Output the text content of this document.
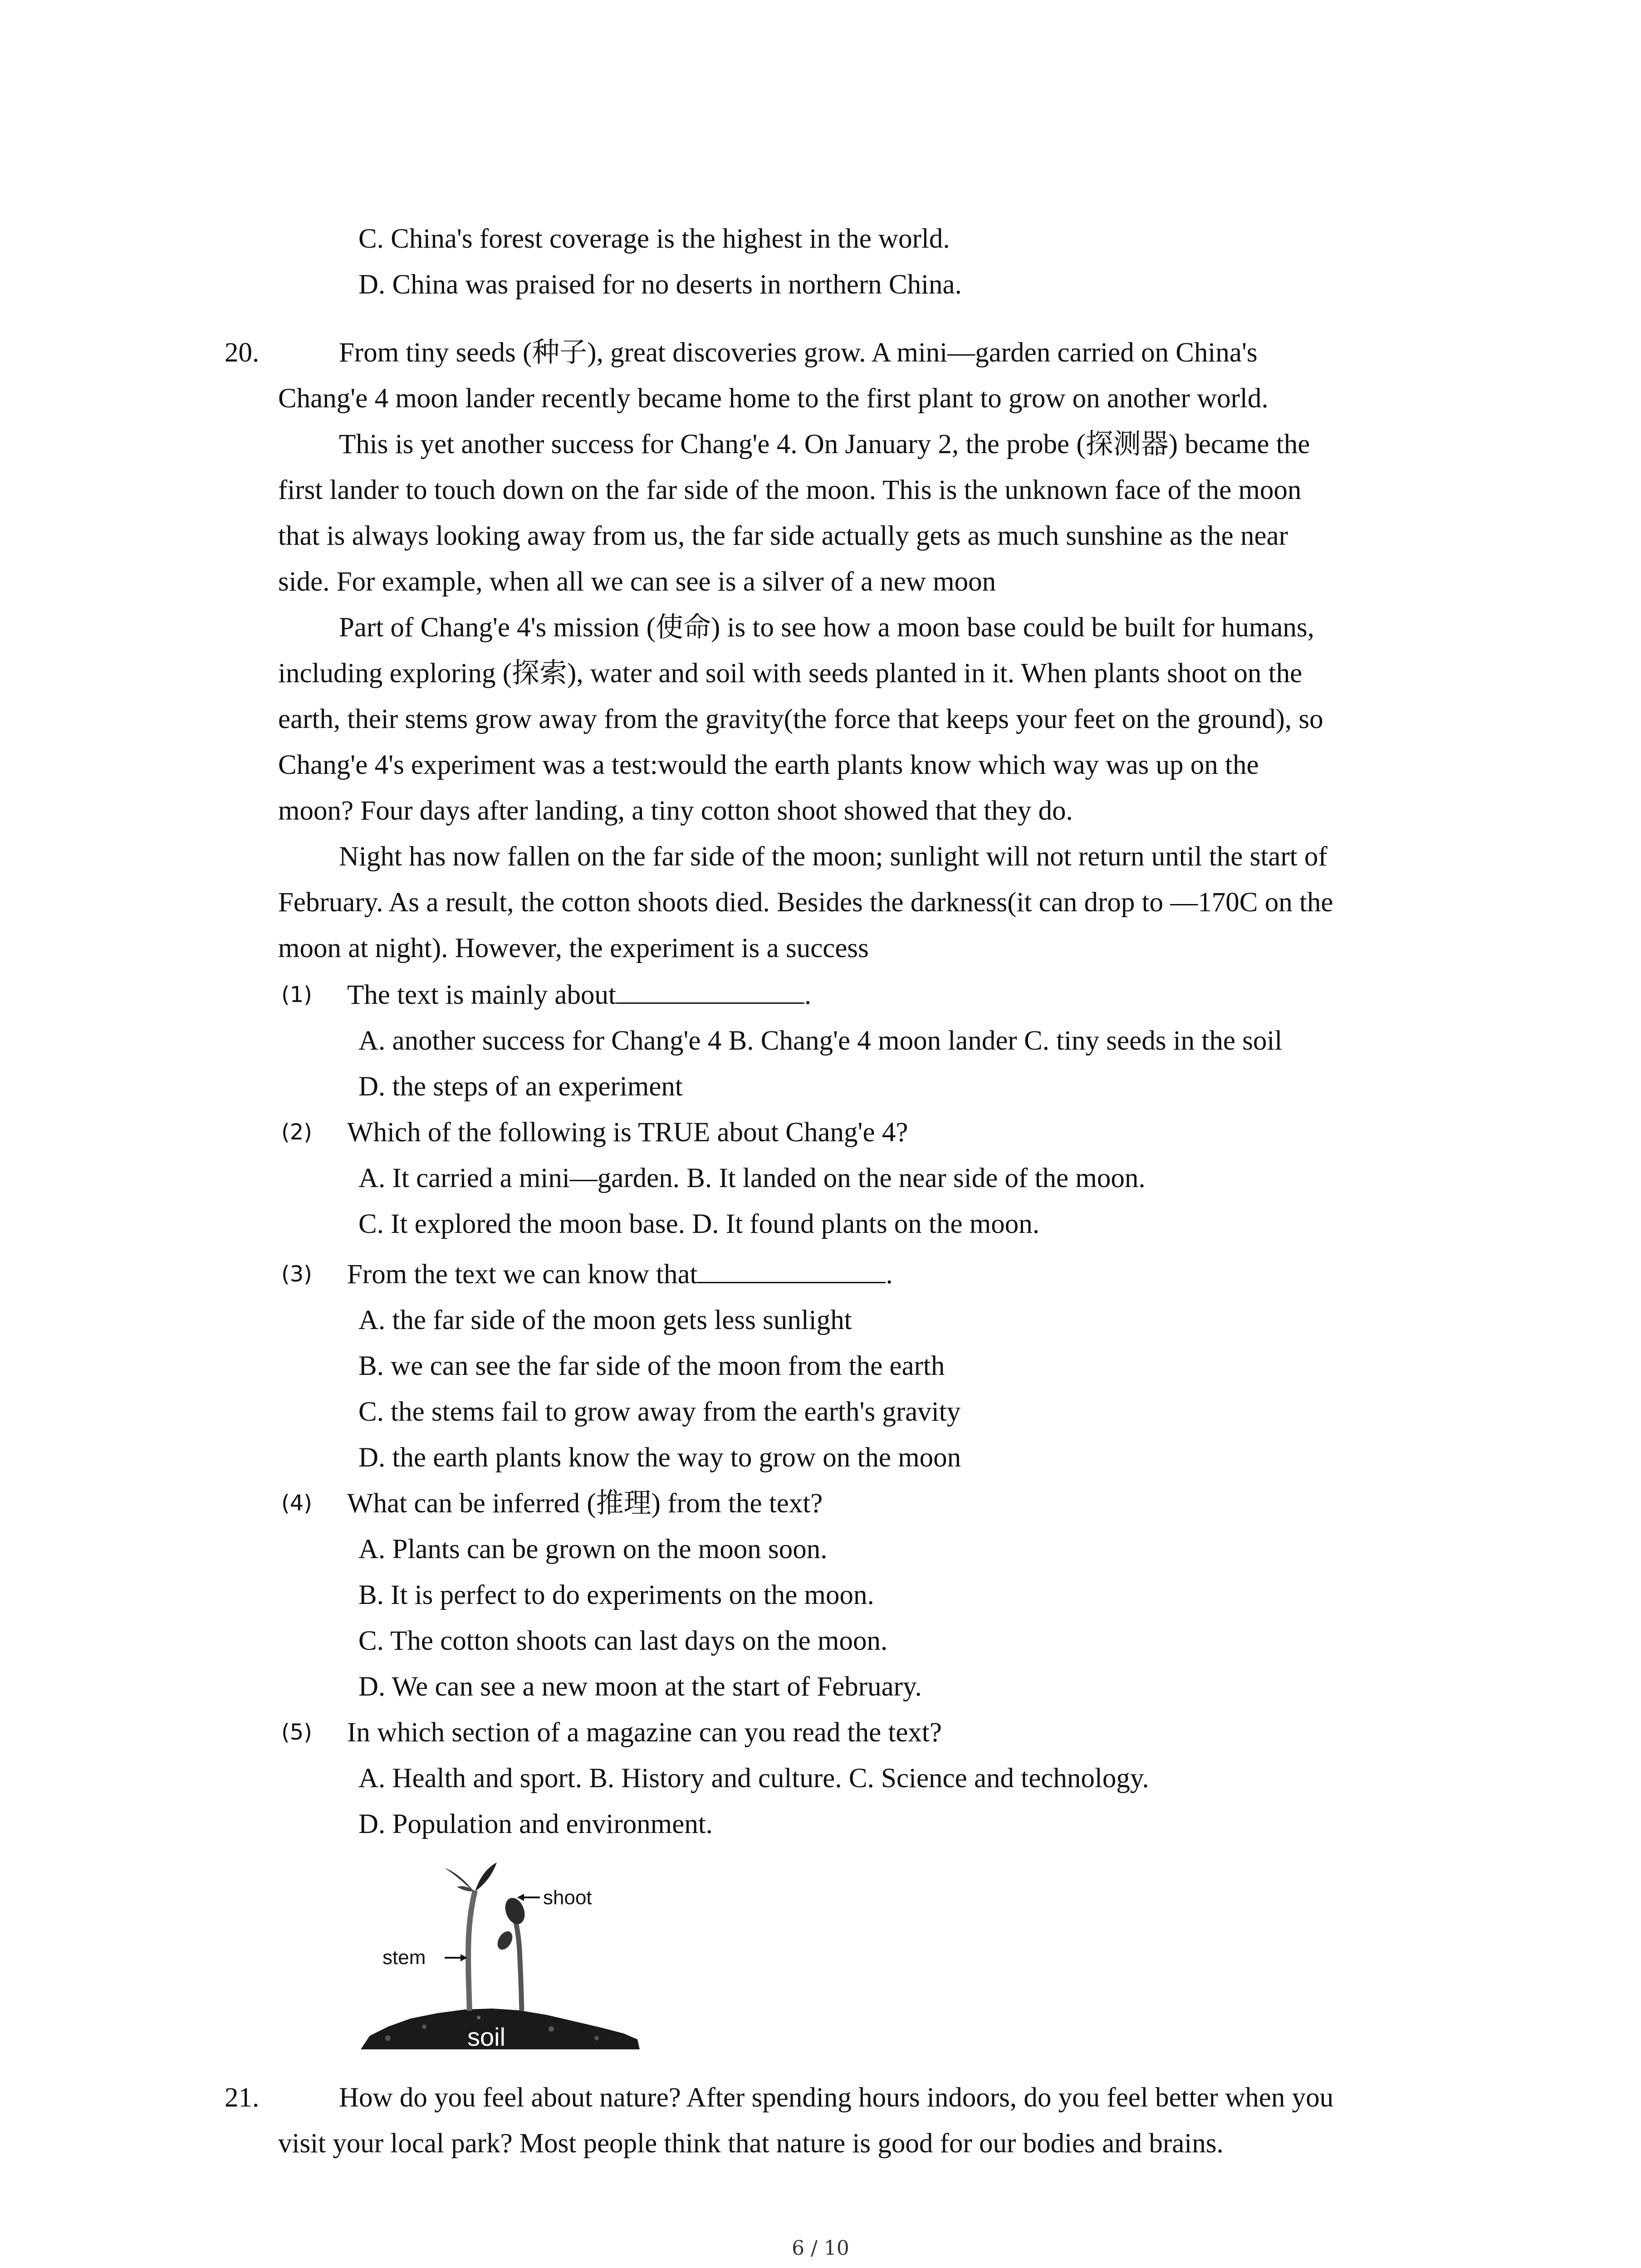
C. China's forest coverage is the highest in the world.
D. China was praised for no deserts in northern China.
20.	From tiny seeds (种子), great discoveries grow. A mini—garden carried on China's
Chang'e 4 moon lander recently became home to the first plant to grow on another world.
This is yet another success for Chang'e 4. On January 2, the probe (探测器) became the
first lander to touch down on the far side of the moon. This is the unknown face of the moon
that is always looking away from us, the far side actually gets as much sunshine as the near
side. For example, when all we can see is a silver of a new moon
Part of Chang'e 4's mission (使命) is to see how a moon base could be built for humans,
including exploring (探索), water and soil with seeds planted in it. When plants shoot on the
earth, their stems grow away from the gravity(the force that keeps your feet on the ground), so
Chang'e 4's experiment was a test:would the earth plants know which way was up on the
moon? Four days after landing, a tiny cotton shoot showed that they do.
Night has now fallen on the far side of the moon; sunlight will not return until the start of
February. As a result, the cotton shoots died. Besides the darkness(it can drop to —170C on the
moon at night). However, the experiment is a success
(1) The text is mainly about	.
A. another success for Chang'e 4 B. Chang'e 4 moon lander C. tiny seeds in the soil
D. the steps of an experiment
(2) Which of the following is TRUE about Chang'e 4?
A. It carried a mini—garden. B. It landed on the near side of the moon.
C. It explored the moon base. D. It found plants on the moon.
(3) From the text we can know that	.
A. the far side of the moon gets less sunlight
B. we can see the far side of the moon from the earth
C. the stems fail to grow away from the earth's gravity
D. the earth plants know the way to grow on the moon
(4) What can be inferred (推理) from the text?
A. Plants can be grown on the moon soon.
B. It is perfect to do experiments on the moon.
C. The cotton shoots can last days on the moon.
D. We can see a new moon at the start of February.
(5) In which section of a magazine can you read the text?
A. Health and sport. B. History and culture. C. Science and technology.
D. Population and environment.
shoot
stem
soil
21.	How do you feel about nature? After spending hours indoors, do you feel better when you
visit your local park? Most people think that nature is good for our bodies and brains.
6 / 10
